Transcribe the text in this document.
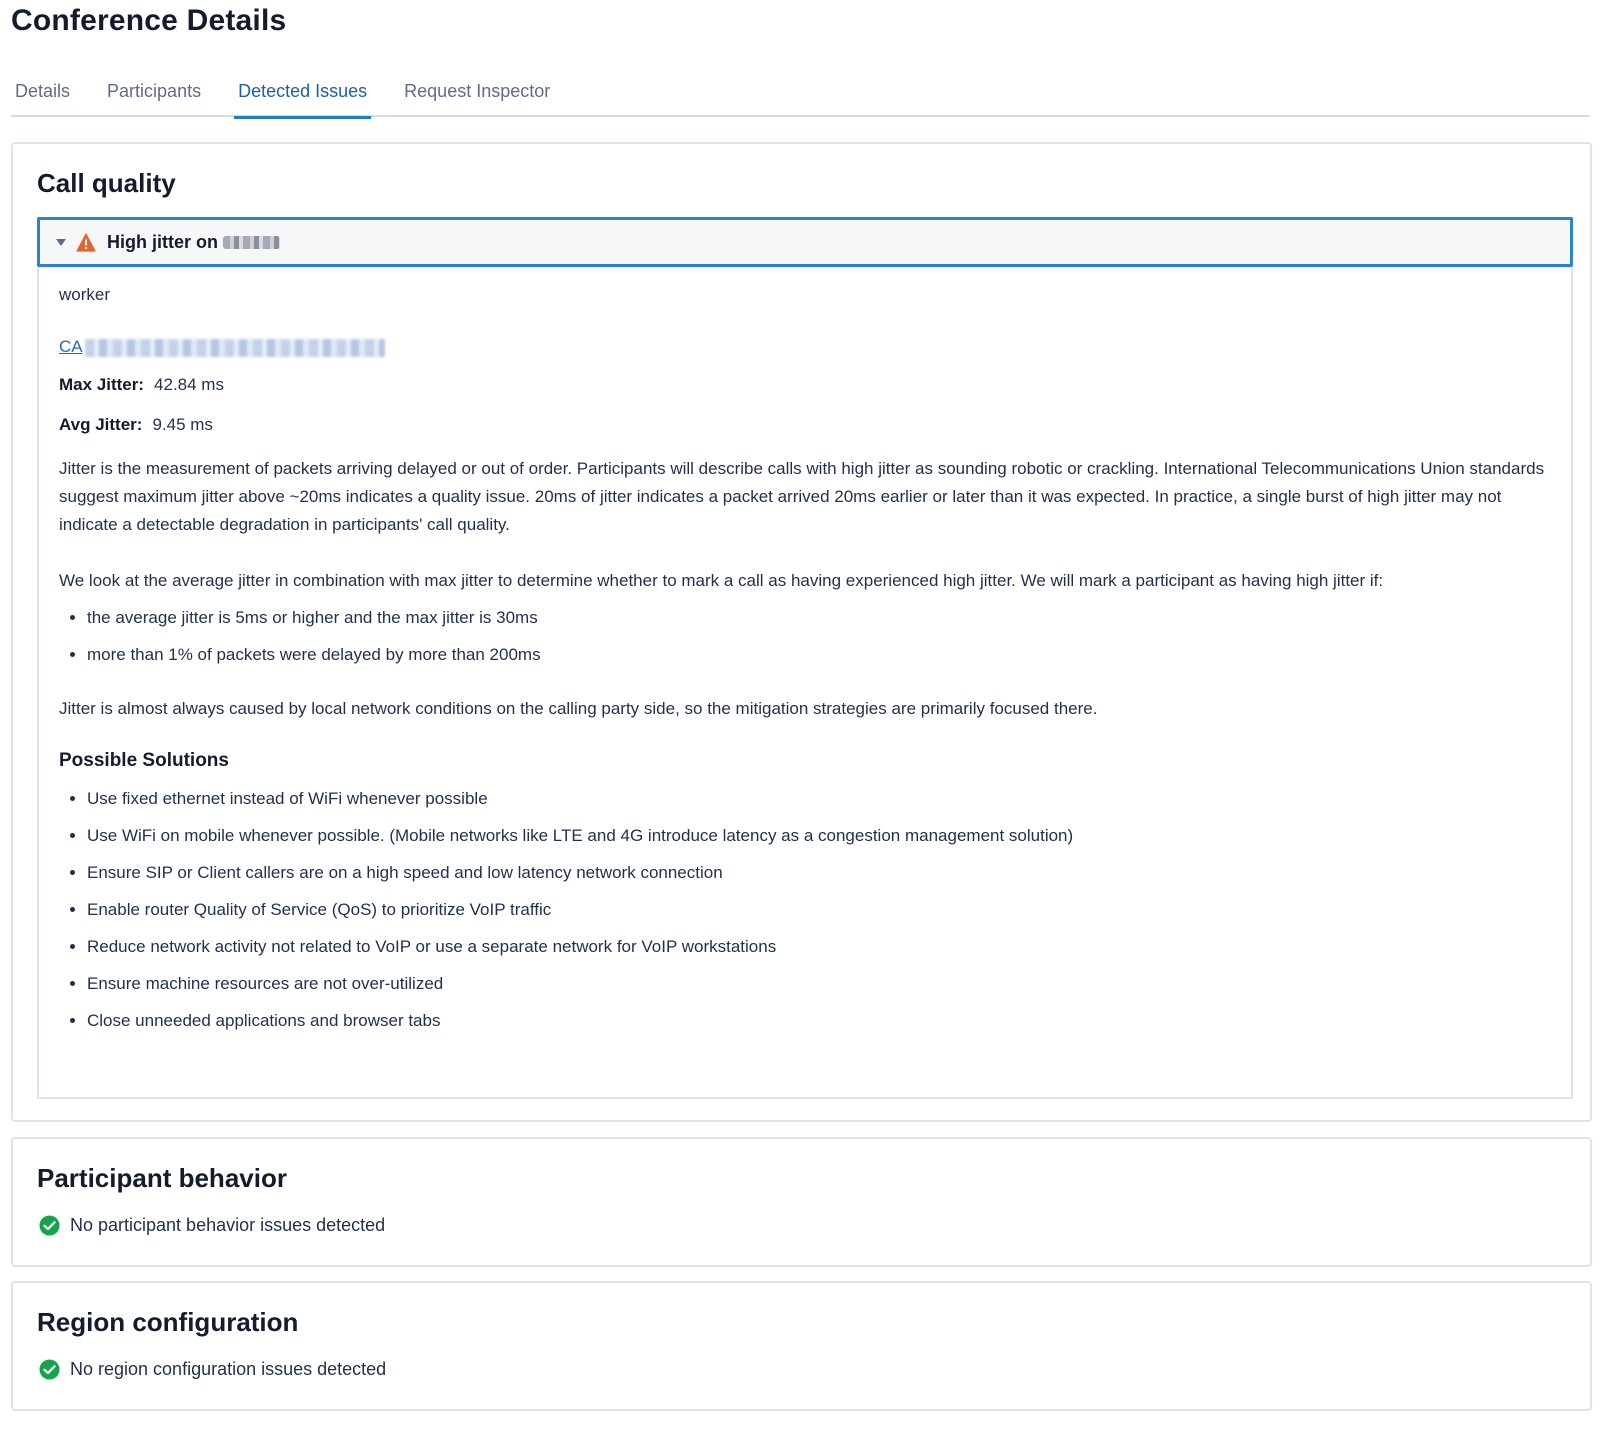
Conference Details
Details Participants Detected Issues Request Inspector
Call quality
High jitter on

worker

CA

Max Jitter: 42.84 ms

Avg Jitter: 9.45 ms

Jitter is the measurement of packets arriving delayed or out of order. Participants will describe calls with high jitter as sounding robotic or crackling. International Telecommunications Union standards suggest maximum jitter above ~20ms indicates a quality issue. 20ms of jitter indicates a packet arrived 20ms earlier or later than it was expected. In practice, a single burst of high jitter may not indicate a detectable degradation in participants' call quality.

We look at the average jitter in combination with max jitter to determine whether to mark a call as having experienced high jitter. We will mark a participant as having high jitter if:

• the average jitter is 5ms or higher and the max jitter is 30ms
• more than 1% of packets were delayed by more than 200ms

Jitter is almost always caused by local network conditions on the calling party side, so the mitigation strategies are primarily focused there.

Possible Solutions
• Use fixed ethernet instead of WiFi whenever possible
• Use WiFi on mobile whenever possible. (Mobile networks like LTE and 4G introduce latency as a congestion management solution)
• Ensure SIP or Client callers are on a high speed and low latency network connection
• Enable router Quality of Service (QoS) to prioritize VoIP traffic
• Reduce network activity not related to VoIP or use a separate network for VoIP workstations
• Ensure machine resources are not over-utilized
• Close unneeded applications and browser tabs
Participant behavior
No participant behavior issues detected
Region configuration
No region configuration issues detected
